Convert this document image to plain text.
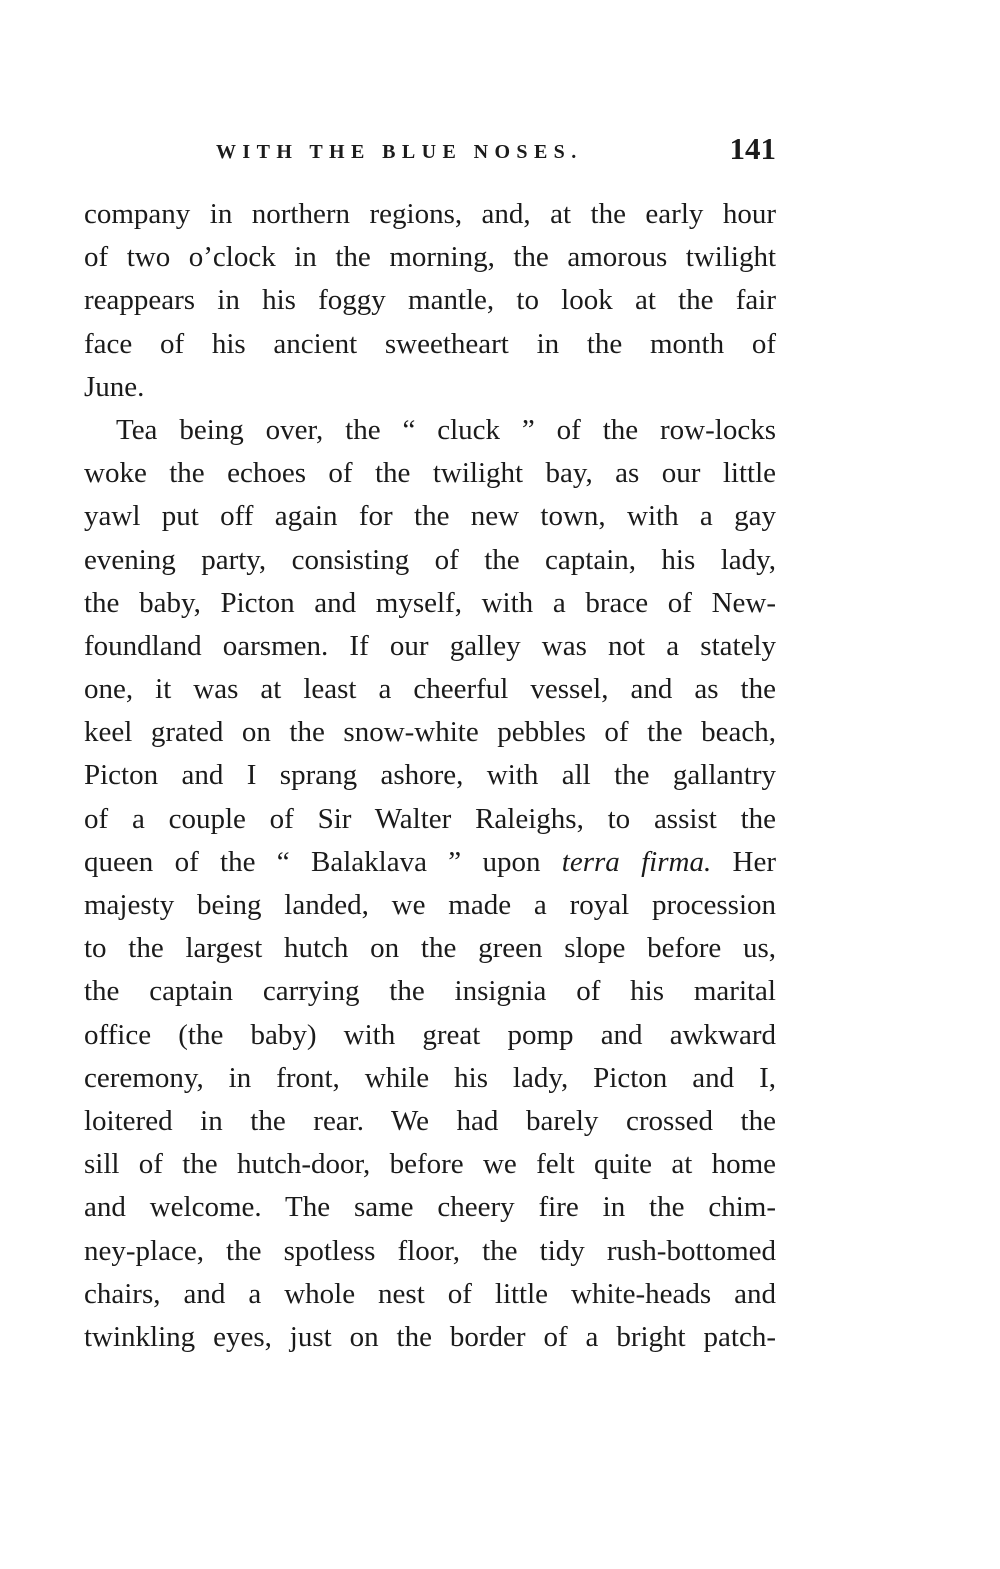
WITH THE BLUE NOSES.	141
company in northern regions, and, at the early hour
of two o’clock in the morning, the amorous twilight
reappears in his foggy mantle, to look at the fair
face of his ancient sweetheart in the month of
June.
Tea being over, the “ cluck ” of the row-locks
woke the echoes of the twilight bay, as our little
yawl put off again for the new town, with a gay
evening party, consisting of the captain, his lady,
the baby, Picton and myself, with a brace of New-
foundland oarsmen. If our galley was not a stately
one, it was at least a cheerful vessel, and as the
keel grated on the snow-white pebbles of the beach,
Picton and I sprang ashore, with all the gallantry
of a couple of Sir Walter Raleighs, to assist the
queen of the “ Balaklava ” upon terra firma. Her
majesty being landed, we made a royal procession
to the largest hutch on the green slope before us,
the captain carrying the insignia of his marital
office (the baby) with great pomp and awkward
ceremony, in front, while his lady, Picton and I,
loitered in the rear. We had barely crossed the
sill of the hutch-door, before we felt quite at home
and welcome. The same cheery fire in the chim-
ney-place, the spotless floor, the tidy rush-bottomed
chairs, and a whole nest of little white-heads and
twinkling eyes, just on the border of a bright patch-
